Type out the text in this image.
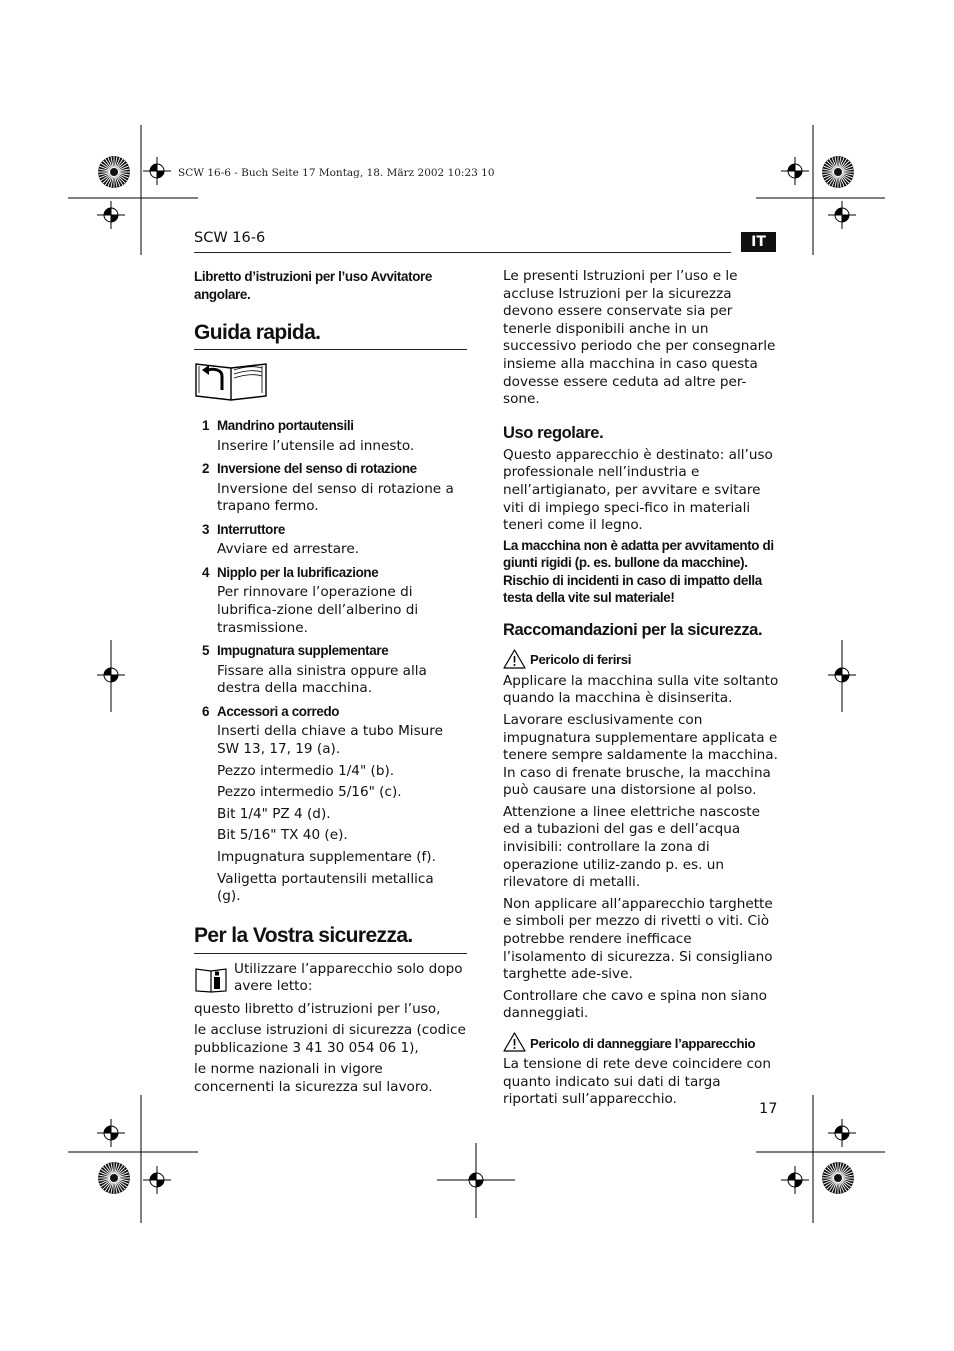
SCW 16-6 - Buch Seite 17 Montag, 18. März 2002 10:23 10
SCW 16-6	IT

Libretto d’istruzioni per l’uso Avvitatore angolare.

Guida rapida.
1 Mandrino portautensili
Inserire l’utensile ad innesto.
2 Inversione del senso di rotazione
Inversione del senso di rotazione a trapano fermo.
3 Interruttore
Avviare ed arrestare.
4 Nipplo per la lubrificazione
Per rinnovare l’operazione di lubrifica-zione dell’alberino di trasmissione.
5 Impugnatura supplementare
Fissare alla sinistra oppure alla destra della macchina.
6 Accessori a corredo
Inserti della chiave a tubo Misure SW 13, 17, 19 (a).
Pezzo intermedio 1/4" (b).
Pezzo intermedio 5/16" (c).
Bit 1/4" PZ 4 (d).
Bit 5/16" TX 40 (e).
Impugnatura supplementare (f).
Valigetta portautensili metallica (g).
Per la Vostra sicurezza.
Utilizzare l’apparecchio solo dopo avere letto:
questo libretto d’istruzioni per l’uso,
le accluse istruzioni di sicurezza (codice pubblicazione 3 41 30 054 06 1),
le norme nazionali in vigore concernenti la sicurezza sul lavoro.

Le presenti Istruzioni per l’uso e le accluse Istruzioni per la sicurezza devono essere conservate sia per tenerle disponibili anche in un successivo periodo che per consegnarle insieme alla macchina in caso questa dovesse essere ceduta ad altre per-sone.

Uso regolare.

Questo apparecchio è destinato: all’uso professionale nell’industria e nell’artigianato, per avvitare e svitare viti di impiego speci-fico in materiali teneri come il legno.

La macchina non è adatta per avvitamento di giunti rigidi (p. es. bullone da macchine). Rischio di incidenti in caso di impatto della testa della vite sul materiale!

Raccomandazioni per la sicurezza.
Pericolo di ferirsi

Applicare la macchina sulla vite soltanto quando la macchina è disinserita.

Lavorare esclusivamente con impugnatura supplementare applicata e tenere sempre saldamente la macchina. In caso di frenate brusche, la macchina può causare una distorsione al polso.

Attenzione a linee elettriche nascoste ed a tubazioni del gas e dell’acqua invisibili: controllare la zona di operazione utiliz-zando p. es. un rilevatore di metalli.

Non applicare all’apparecchio targhette e simboli per mezzo di rivetti o viti. Ciò potrebbe rendere inefficace l’isolamento di sicurezza. Si consigliano targhette ade-sive.

Controllare che cavo e spina non siano danneggiati.

Pericolo di danneggiare l’apparecchio

La tensione di rete deve coincidere con quanto indicato sui dati di targa riportati sull’apparecchio.

17
